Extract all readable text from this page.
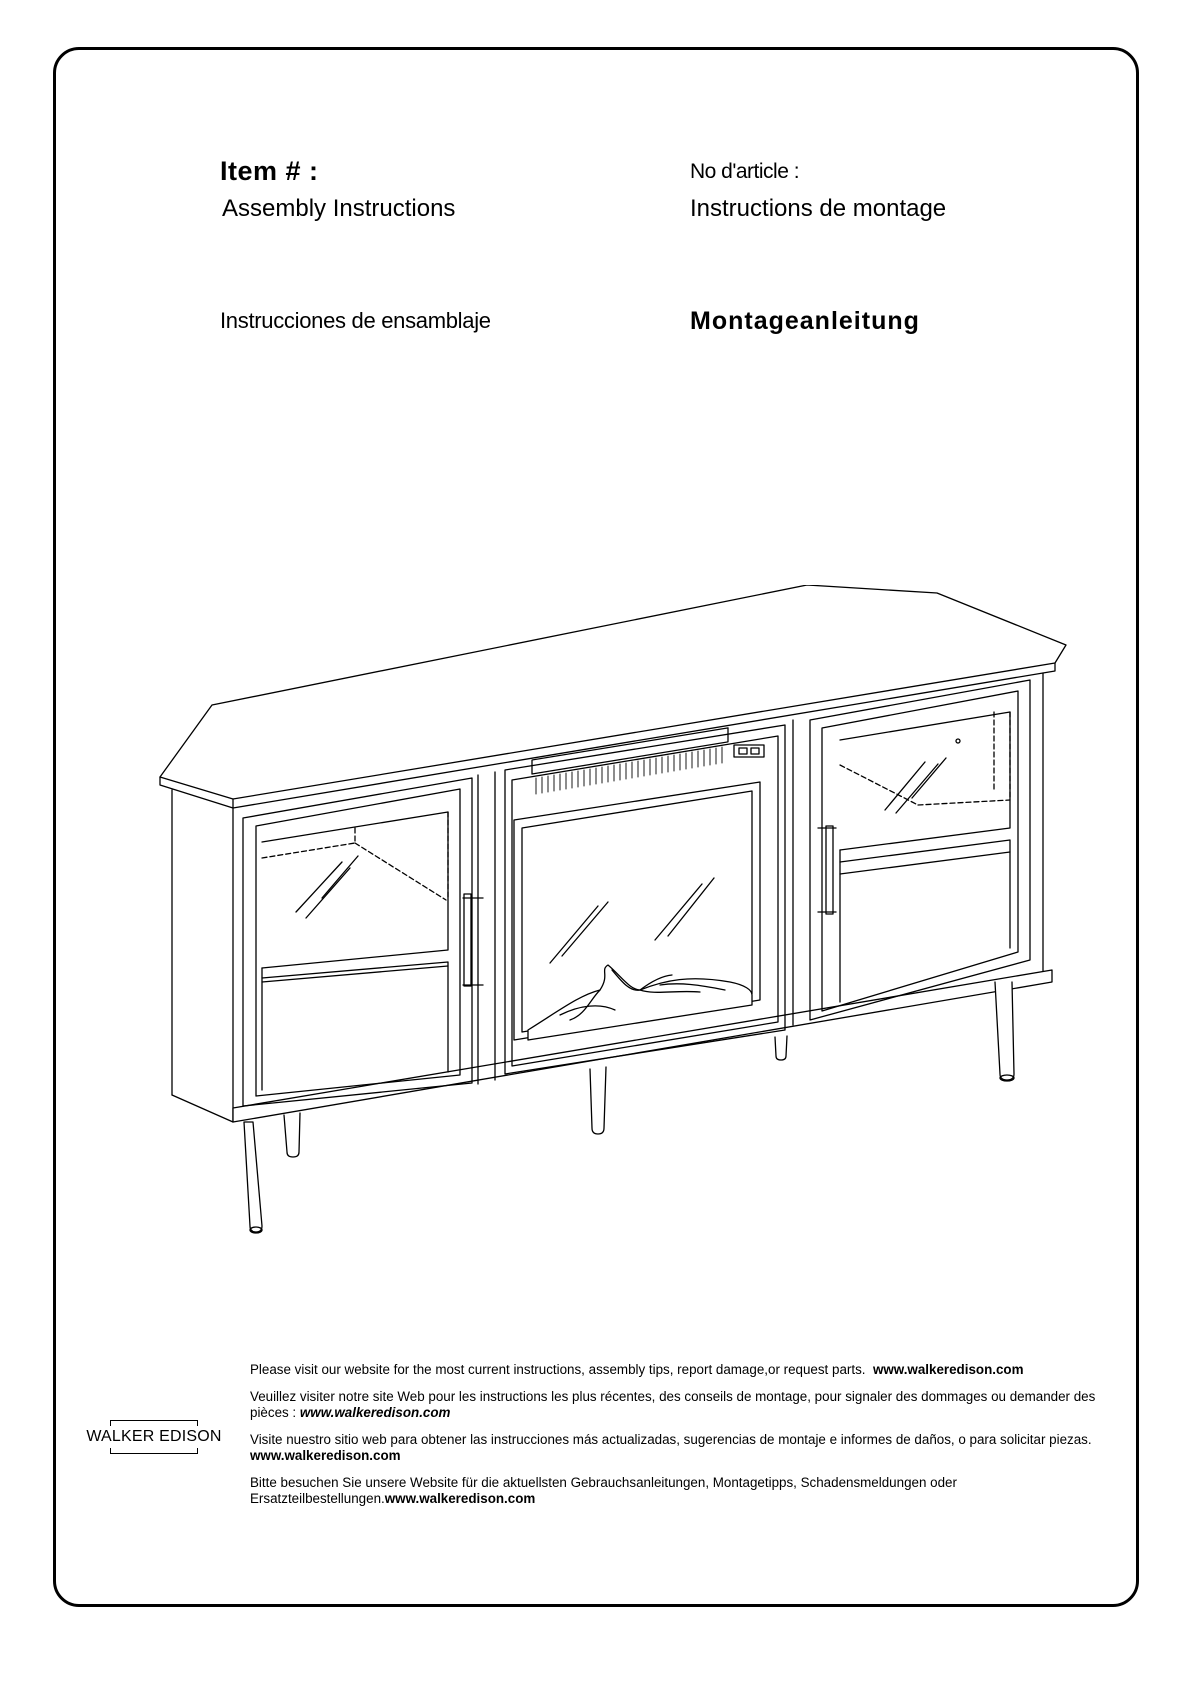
Item # :
Assembly Instructions
No d'article :
Instructions de montage
Instrucciones de ensamblaje	Montageanleitung

Please visit our website for the most current instructions, assembly tips, report damage,or request parts. www.walkeredison.com

Veuillez visiter notre site Web pour les instructions les plus récentes, des conseils de montage, pour signaler des dommages ou demander des pièces : www.walkeredison.com

Visite nuestro sitio web para obtener las instrucciones más actualizadas, sugerencias de montaje e informes de daños, o para solicitar piezas. www.walkeredison.com

Bitte besuchen Sie unsere Website für die aktuellsten Gebrauchsanleitungen, Montagetipps, Schadensmeldungen oder Ersatzteilbestellungen.www.walkeredison.com

WALKER EDISON
